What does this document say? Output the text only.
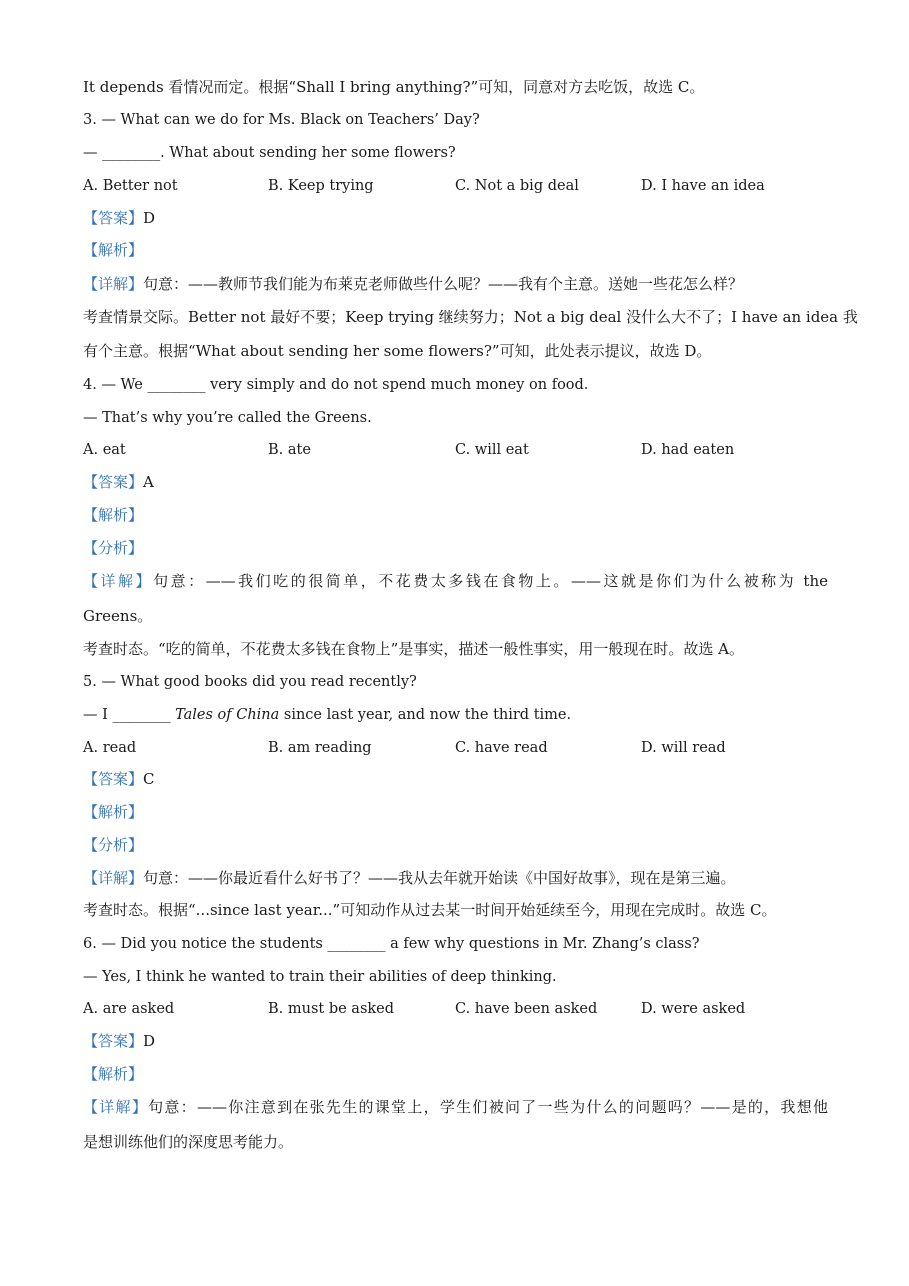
It depends 看情况而定。根据“Shall I bring anything?”可知，同意对方去吃饭，故选 C。
3. — What can we do for Ms. Black on Teachers’ Day?
— ________. What about sending her some flowers?
A. Better not	B. Keep trying	C. Not a big deal	D. I have an idea
【答案】D
【解析】
【详解】句意：——教师节我们能为布莱克老师做些什么呢？——我有个主意。送她一些花怎么样？
考查情景交际。Better not 最好不要；Keep trying 继续努力；Not a big deal 没什么大不了；I have an idea 我
有个主意。根据“What about sending her some flowers?”可知，此处表示提议，故选 D。
4. — We ________ very simply and do not spend much money on food.
— That’s why you’re called the Greens.
A. eat	B. ate	C. will eat	D. had eaten
【答案】A
【解析】
【分析】
【详解】句意：——我们吃的很简单，不花费太多钱在食物上。——这就是你们为什么被称为 the
Greens。
考查时态。“吃的简单，不花费太多钱在食物上”是事实，描述一般性事实，用一般现在时。故选 A。
5. — What good books did you read recently?
— I ________ Tales of China since last year, and now the third time.
A. read	B. am reading	C. have read	D. will read
【答案】C
【解析】
【分析】
【详解】句意：——你最近看什么好书了？——我从去年就开始读《中国好故事》，现在是第三遍。
考查时态。根据“...since last year...”可知动作从过去某一时间开始延续至今，用现在完成时。故选 C。
6. — Did you notice the students ________ a few why questions in Mr. Zhang’s class?
— Yes, I think he wanted to train their abilities of deep thinking.
A. are asked	B. must be asked	C. have been asked	D. were asked
【答案】D
【解析】
【详解】句意：——你注意到在张先生的课堂上，学生们被问了一些为什么的问题吗？——是的，我想他
是想训练他们的深度思考能力。
